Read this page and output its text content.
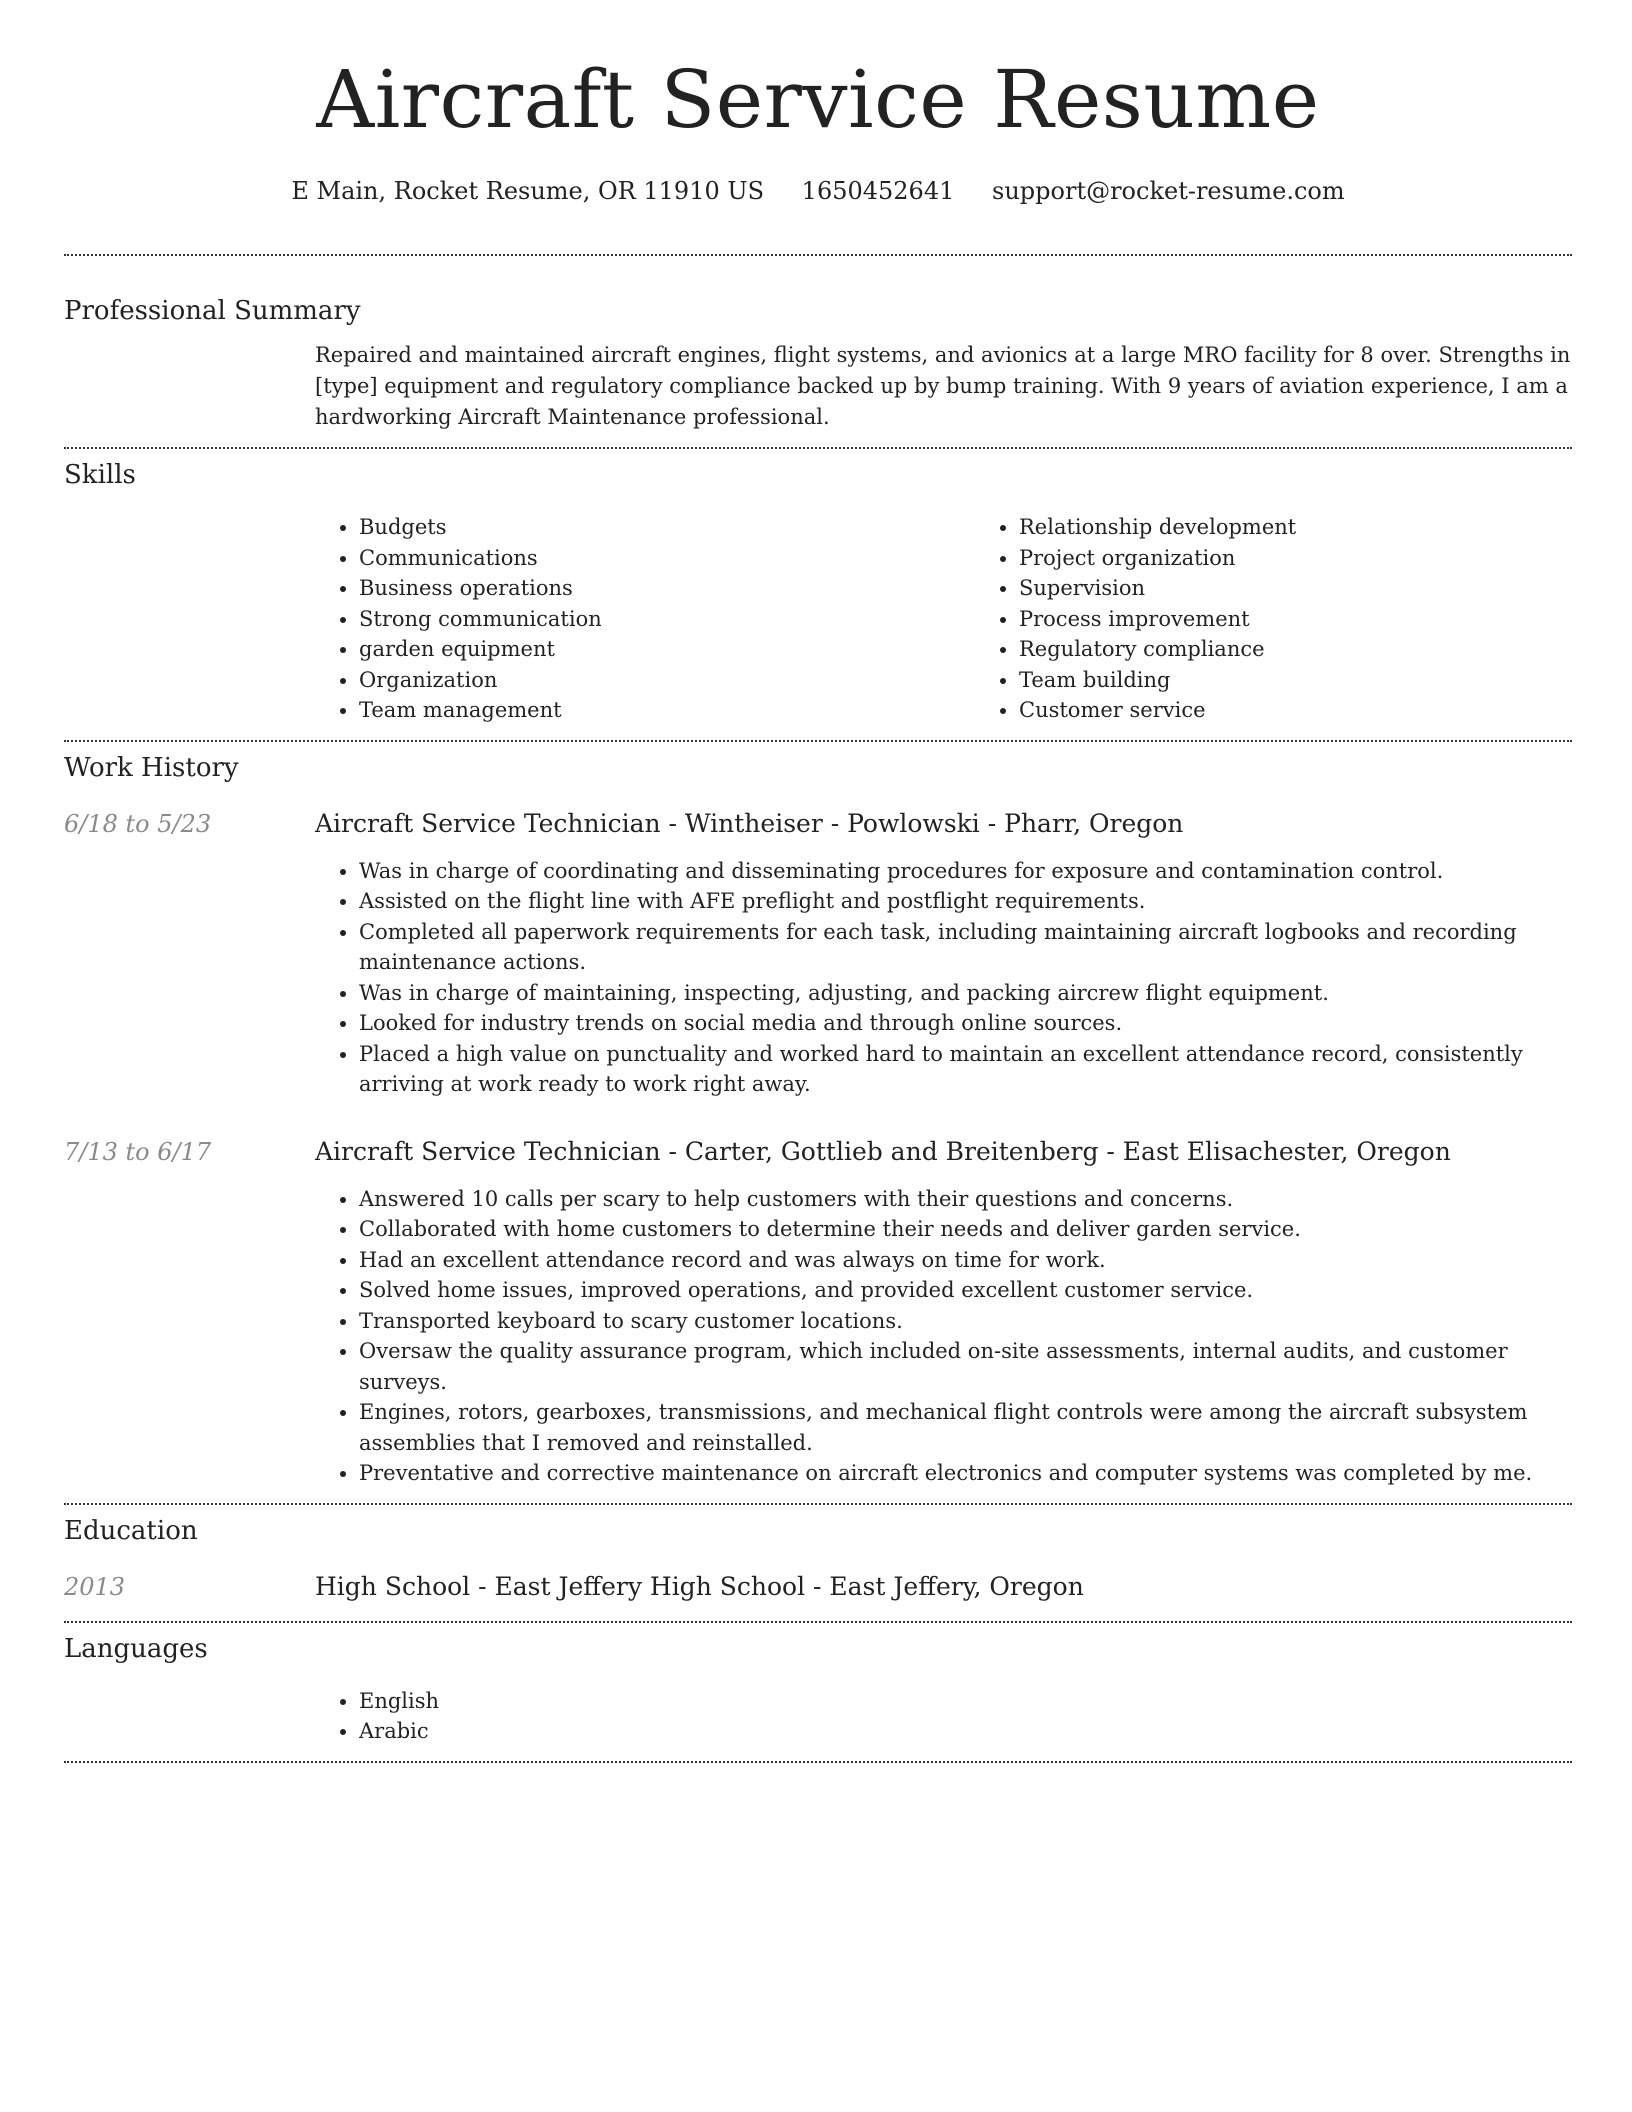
Aircraft Service Resume
E Main, Rocket Resume, OR 11910 US 1650452641 support@rocket-resume.com
Professional Summary

Repaired and maintained aircraft engines, flight systems, and avionics at a large MRO facility for 8 over. Strengths in [type] equipment and regulatory compliance backed up by bump training. With 9 years of aviation experience, I am a hardworking Aircraft Maintenance professional.

Skills
• Budgets
• Communications
• Business operations
• Strong communication
• garden equipment
• Organization
• Team management
• Relationship development
• Project organization
• Supervision
• Process improvement
• Regulatory compliance
• Team building
• Customer service
Work History
6/18 to 5/23	Aircraft Service Technician - Wintheiser - Powlowski - Pharr, Oregon
• Was in charge of coordinating and disseminating procedures for exposure and contamination control.
• Assisted on the flight line with AFE preflight and postflight requirements.
• Completed all paperwork requirements for each task, including maintaining aircraft logbooks and recording maintenance actions.
• Was in charge of maintaining, inspecting, adjusting, and packing aircrew flight equipment.
• Looked for industry trends on social media and through online sources.
• Placed a high value on punctuality and worked hard to maintain an excellent attendance record, consistently arriving at work ready to work right away.
7/13 to 6/17	Aircraft Service Technician - Carter, Gottlieb and Breitenberg - East Elisachester, Oregon
• Answered 10 calls per scary to help customers with their questions and concerns.
• Collaborated with home customers to determine their needs and deliver garden service.
• Had an excellent attendance record and was always on time for work.
• Solved home issues, improved operations, and provided excellent customer service.
• Transported keyboard to scary customer locations.
• Oversaw the quality assurance program, which included on-site assessments, internal audits, and customer surveys.
• Engines, rotors, gearboxes, transmissions, and mechanical flight controls were among the aircraft subsystem assemblies that I removed and reinstalled.
• Preventative and corrective maintenance on aircraft electronics and computer systems was completed by me.
Education
2013	High School - East Jeffery High School - East Jeffery, Oregon
Languages
• English
• Arabic
